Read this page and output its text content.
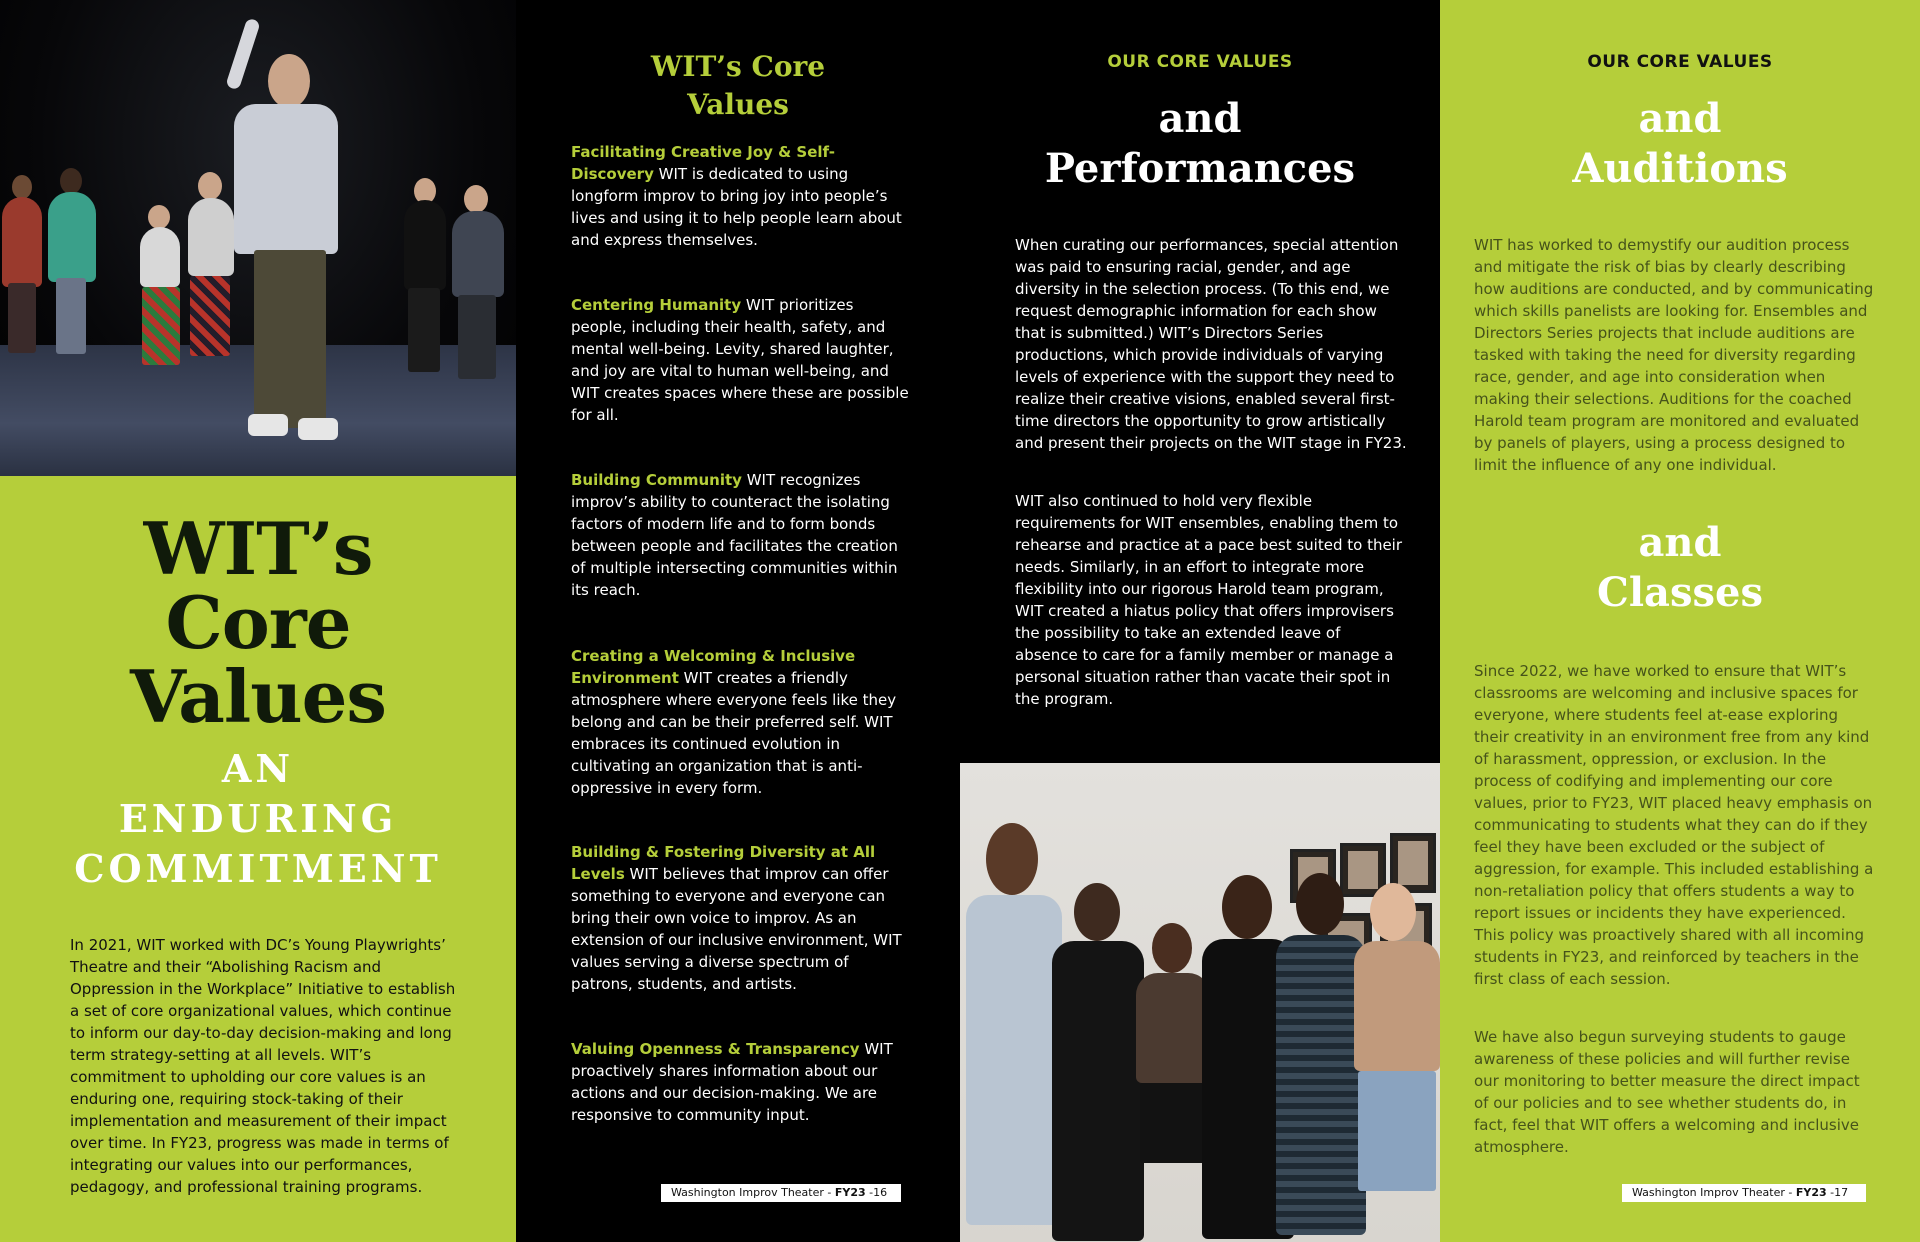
WIT’s
Core
Values
AN
ENDURING
COMMITMENT

In 2021, WIT worked with DC’s Young Playwrights’ Theatre and their “Abolishing Racism and Oppression in the Workplace” Initiative to establish a set of core organizational values, which continue to inform our day-to-day decision-making and long term strategy-setting at all levels. WIT’s commitment to upholding our core values is an enduring one, requiring stock-taking of their implementation and measurement of their impact over time. In FY23, progress was made in terms of integrating our values into our performances, pedagogy, and professional training programs.

WIT’s Core
Values

Facilitating Creative Joy & Self-Discovery WIT is dedicated to using longform improv to bring joy into people’s lives and using it to help people learn about and express themselves.

Centering Humanity WIT prioritizes people, including their health, safety, and mental well-being. Levity, shared laughter, and joy are vital to human well-being, and WIT creates spaces where these are possible for all.

Building Community WIT recognizes improv’s ability to counteract the isolating factors of modern life and to form bonds between people and facilitates the creation of multiple intersecting communities within its reach.

Creating a Welcoming & Inclusive Environment WIT creates a friendly atmosphere where everyone feels like they belong and can be their preferred self. WIT embraces its continued evolution in cultivating an organization that is anti-oppressive in every form.

Building & Fostering Diversity at All Levels WIT believes that improv can offer something to everyone and everyone can bring their own voice to improv. As an extension of our inclusive environment, WIT values serving a diverse spectrum of patrons, students, and artists.

Valuing Openness & Transparency WIT proactively shares information about our actions and our decision-making. We are responsive to community input.

Washington Improv Theater - FY23 -16
OUR CORE VALUES
and
Performances

When curating our performances, special attention was paid to ensuring racial, gender, and age diversity in the selection process. (To this end, we request demographic information for each show that is submitted.) WIT’s Directors Series productions, which provide individuals of varying levels of experience with the support they need to realize their creative visions, enabled several first-time directors the opportunity to grow artistically and present their projects on the WIT stage in FY23.

WIT also continued to hold very flexible requirements for WIT ensembles, enabling them to rehearse and practice at a pace best suited to their needs. Similarly, in an effort to integrate more flexibility into our rigorous Harold team program, WIT created a hiatus policy that offers improvisers the possibility to take an extended leave of absence to care for a family member or manage a personal situation rather than vacate their spot in the program.

OUR CORE VALUES
and
Auditions

WIT has worked to demystify our audition process and mitigate the risk of bias by clearly describing how auditions are conducted, and by communicating which skills panelists are looking for. Ensembles and Directors Series projects that include auditions are tasked with taking the need for diversity regarding race, gender, and age into consideration when making their selections. Auditions for the coached Harold team program are monitored and evaluated by panels of players, using a process designed to limit the influence of any one individual.

and
Classes

Since 2022, we have worked to ensure that WIT’s classrooms are welcoming and inclusive spaces for everyone, where students feel at-ease exploring their creativity in an environment free from any kind of harassment, oppression, or exclusion. In the process of codifying and implementing our core values, prior to FY23, WIT placed heavy emphasis on communicating to students what they can do if they feel they have been excluded or the subject of aggression, for example. This included establishing a non-retaliation policy that offers students a way to report issues or incidents they have experienced. This policy was proactively shared with all incoming students in FY23, and reinforced by teachers in the first class of each session.

We have also begun surveying students to gauge awareness of these policies and will further revise our monitoring to better measure the direct impact of our policies and to see whether students do, in fact, feel that WIT offers a welcoming and inclusive atmosphere.

Washington Improv Theater - FY23 -17
